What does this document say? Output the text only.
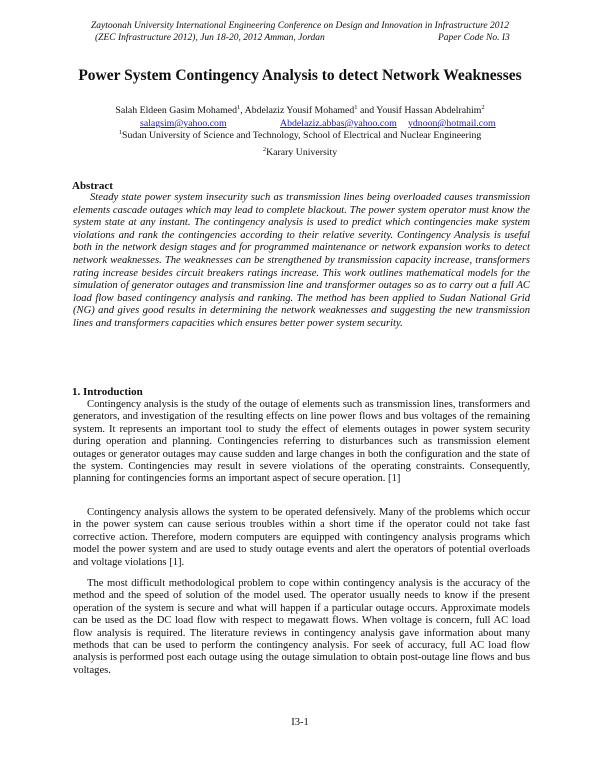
Zaytoonah University International Engineering Conference on Design and Innovation in Infrastructure 2012
(ZEC Infrastructure 2012), Jun 18-20, 2012 Amman, Jordan	Paper Code No. I3
Power System Contingency Analysis to detect Network Weaknesses
Salah Eldeen Gasim Mohamed$^1$, Abdelaziz Yousif Mohamed$^1$ and Yousif Hassan Abdelrahim$^2$
salagsim@yahoo.com	Abdelaziz.abbas@yahoo.com ydnoon@hotmail.com
$^1$Sudan University of Science and Technology, School of Electrical and Nuclear Engineering
$^2$Karary University
Abstract

Steady state power system insecurity such as transmission lines being overloaded causes transmission elements cascade outages which may lead to complete blackout. The power system operator must know the system state at any instant. The contingency analysis is used to predict which contingencies make system violations and rank the contingencies according to their relative severity. Contingency Analysis is useful both in the network design stages and for programmed maintenance or network expansion works to detect network weaknesses. The weaknesses can be strengthened by transmission capacity increase, transformers rating increase besides circuit breakers ratings increase. This work outlines mathematical models for the simulation of generator outages and transmission line and transformer outages so as to carry out a full AC load flow based contingency analysis and ranking. The method has been applied to Sudan National Grid (NG) and gives good results in determining the network weaknesses and suggesting the new transmission lines and transformers capacities which ensures better power system security.

1. Introduction

Contingency analysis is the study of the outage of elements such as transmission lines, transformers and generators, and investigation of the resulting effects on line power flows and bus voltages of the remaining system. It represents an important tool to study the effect of elements outages in power system security during operation and planning. Contingencies referring to disturbances such as transmission element outages or generator outages may cause sudden and large changes in both the configuration and the state of the system. Contingencies may result in severe violations of the operating constraints. Consequently, planning for contingencies forms an important aspect of secure operation. [1]

Contingency analysis allows the system to be operated defensively. Many of the problems which occur in the power system can cause serious troubles within a short time if the operator could not take fast corrective action. Therefore, modern computers are equipped with contingency analysis programs which model the power system and are used to study outage events and alert the operators of potential overloads and voltage violations [1].

The most difficult methodological problem to cope within contingency analysis is the accuracy of the method and the speed of solution of the model used. The operator usually needs to know if the present operation of the system is secure and what will happen if a particular outage occurs. Approximate models can be used as the DC load flow with respect to megawatt flows. When voltage is concern, full AC load flow analysis is required. The literature reviews in contingency analysis gave information about many methods that can be used to perform the contingency analysis. For seek of accuracy, full AC load flow analysis is performed post each outage using the outage simulation to obtain post-outage line flows and bus voltages.

I3-1
